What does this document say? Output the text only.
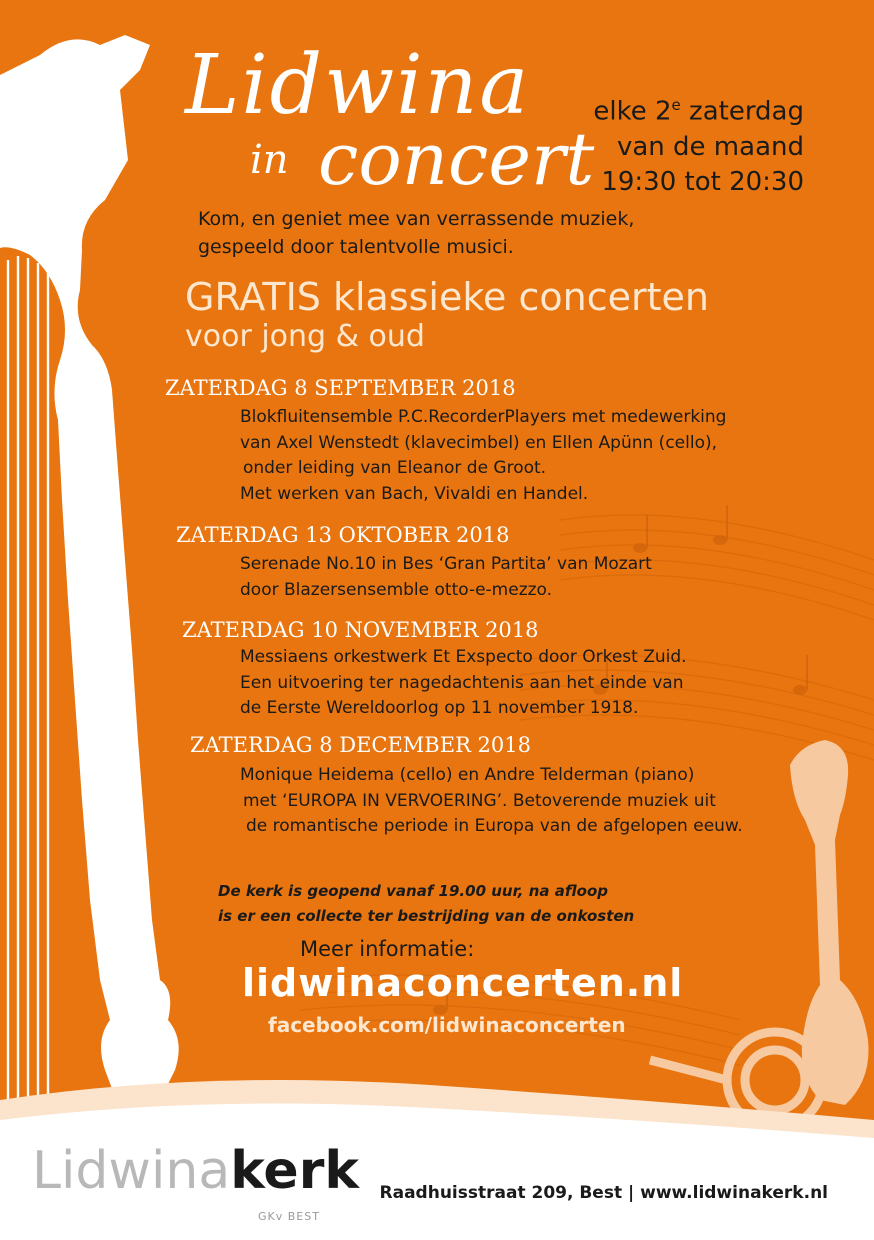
Lidwina
in concert
elke 2e zaterdag
van de maand
19:30 tot 20:30
Kom, en geniet mee van verrassende muziek,
gespeeld door talentvolle musici.
GRATIS klassieke concerten
voor jong & oud
ZATERDAG 8 SEPTEMBER 2018
Blokfluitensemble P.C.RecorderPlayers met medewerking
van Axel Wenstedt (klavecimbel) en Ellen Apünn (cello),
onder leiding van Eleanor de Groot.
Met werken van Bach, Vivaldi en Handel.
ZATERDAG 13 OKTOBER 2018
Serenade No.10 in Bes ‘Gran Partita’ van Mozart
door Blazersensemble otto-e-mezzo.
ZATERDAG 10 NOVEMBER 2018
Messiaens orkestwerk Et Exspecto door Orkest Zuid.
Een uitvoering ter nagedachtenis aan het einde van
de Eerste Wereldoorlog op 11 november 1918.
ZATERDAG 8 DECEMBER 2018
Monique Heidema (cello) en Andre Telderman (piano)
met ‘EUROPA IN VERVOERING’. Betoverende muziek uit
de romantische periode in Europa van de afgelopen eeuw.
De kerk is geopend vanaf 19.00 uur, na afloop
is er een collecte ter bestrijding van de onkosten
Meer informatie:
lidwinaconcerten.nl
facebook.com/lidwinaconcerten
Lidwinakerk
GKv BEST
Raadhuisstraat 209, Best | www.lidwinakerk.nl
